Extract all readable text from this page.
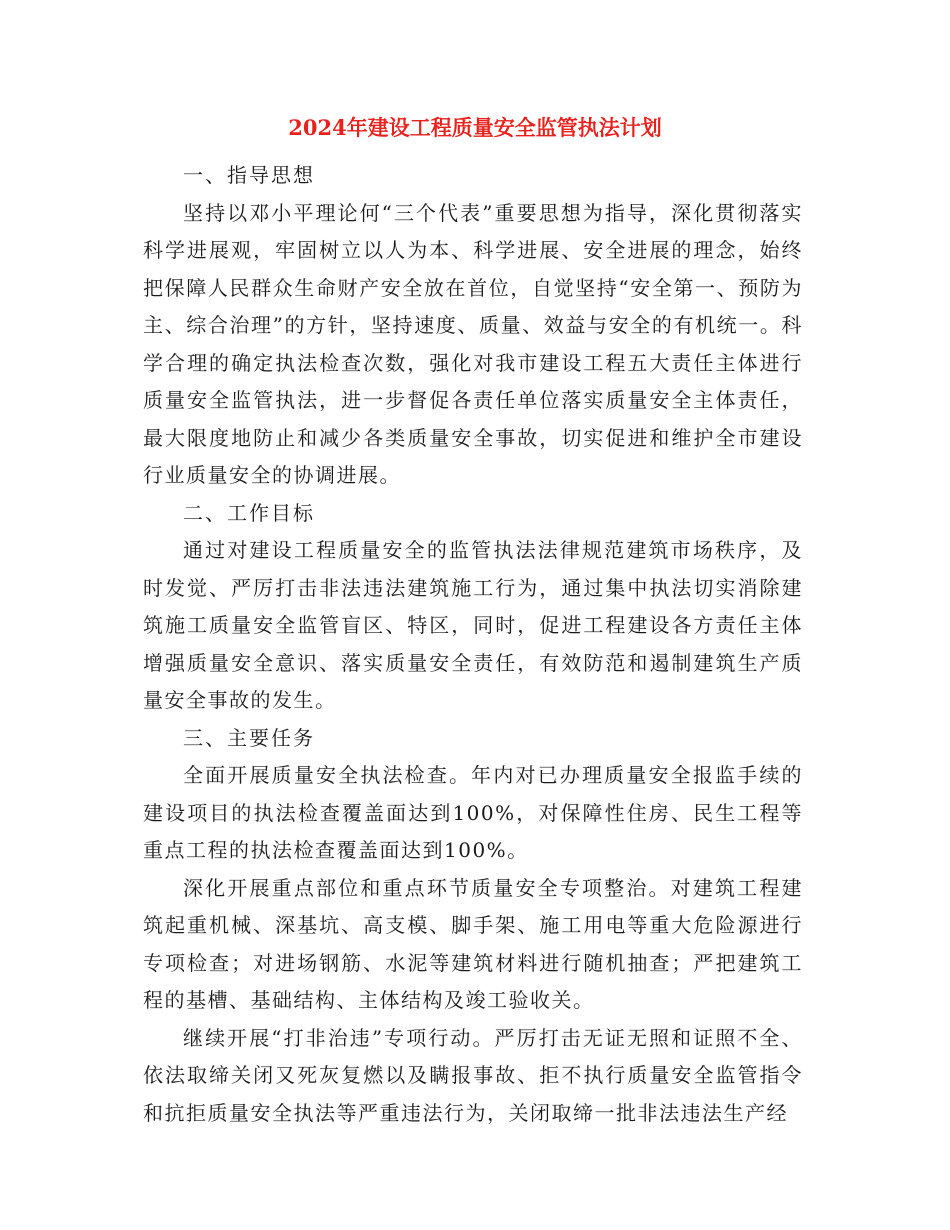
2024年建设工程质量安全监管执法计划

一、指导思想

坚持以邓小平理论何“三个代表”重要思想为指导，深化贯彻落实科学进展观，牢固树立以人为本、科学进展、安全进展的理念，始终把保障人民群众生命财产安全放在首位，自觉坚持“安全第一、预防为主、综合治理”的方针，坚持速度、质量、效益与安全的有机统一。科学合理的确定执法检查次数，强化对我市建设工程五大责任主体进行质量安全监管执法，进一步督促各责任单位落实质量安全主体责任，最大限度地防止和减少各类质量安全事故，切实促进和维护全市建设行业质量安全的协调进展。

二、工作目标

通过对建设工程质量安全的监管执法法律规范建筑市场秩序，及时发觉、严厉打击非法违法建筑施工行为，通过集中执法切实消除建筑施工质量安全监管盲区、特区，同时，促进工程建设各方责任主体增强质量安全意识、落实质量安全责任，有效防范和遏制建筑生产质量安全事故的发生。

三、主要任务

全面开展质量安全执法检查。年内对已办理质量安全报监手续的建设项目的执法检查覆盖面达到100%，对保障性住房、民生工程等重点工程的执法检查覆盖面达到100%。

深化开展重点部位和重点环节质量安全专项整治。对建筑工程建筑起重机械、深基坑、高支模、脚手架、施工用电等重大危险源进行专项检查；对进场钢筋、水泥等建筑材料进行随机抽查；严把建筑工程的基槽、基础结构、主体结构及竣工验收关。

继续开展“打非治违”专项行动。严厉打击无证无照和证照不全、依法取缔关闭又死灰复燃以及瞒报事故、拒不执行质量安全监管指令和抗拒质量安全执法等严重违法行为，关闭取缔一批非法违法生产经
